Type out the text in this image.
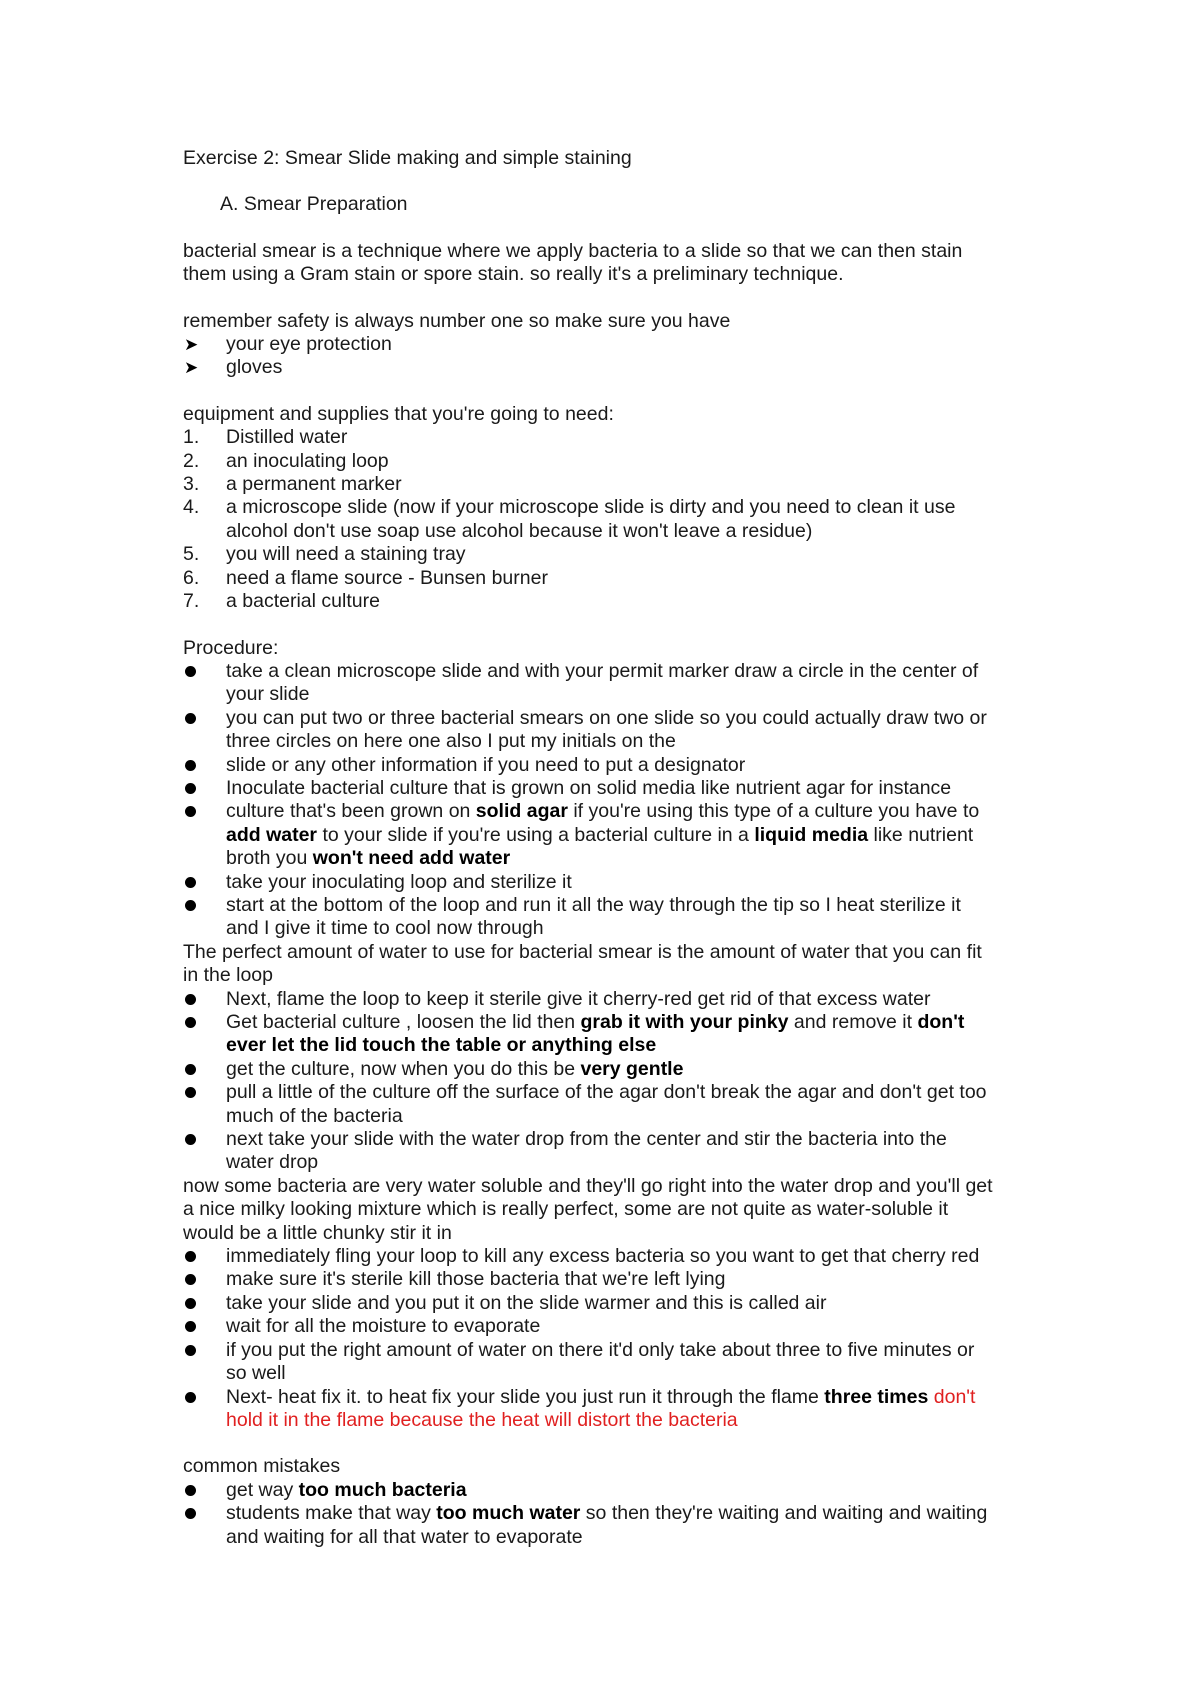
Exercise 2: Smear Slide making and simple staining

A. Smear Preparation

bacterial smear is a technique where we apply bacteria to a slide so that we can then stain

them using a Gram stain or spore stain. so really it's a preliminary technique.

remember safety is always number one so make sure you have

➤ your eye protection
➤ gloves

equipment and supplies that you're going to need:

1. Distilled water
2. an inoculating loop
3. a permanent marker
4. a microscope slide (now if your microscope slide is dirty and you need to clean it use
alcohol don't use soap use alcohol because it won't leave a residue)
5. you will need a staining tray
6. need a flame source - Bunsen burner
7. a bacterial culture

Procedure:

take a clean microscope slide and with your permit marker draw a circle in the center of
your slide
you can put two or three bacterial smears on one slide so you could actually draw two or
three circles on here one also I put my initials on the
slide or any other information if you need to put a designator
Inoculate bacterial culture that is grown on solid media like nutrient agar for instance
culture that's been grown on solid agar if you're using this type of a culture you have to
add water to your slide if you're using a bacterial culture in a liquid media like nutrient
broth you won't need add water
take your inoculating loop and sterilize it
start at the bottom of the loop and run it all the way through the tip so I heat sterilize it
and I give it time to cool now through

The perfect amount of water to use for bacterial smear is the amount of water that you can fit
in the loop

Next, flame the loop to keep it sterile give it cherry-red get rid of that excess water
Get bacterial culture , loosen the lid then grab it with your pinky and remove it don't
ever let the lid touch the table or anything else
get the culture, now when you do this be very gentle
pull a little of the culture off the surface of the agar don't break the agar and don't get too
much of the bacteria
next take your slide with the water drop from the center and stir the bacteria into the
water drop

now some bacteria are very water soluble and they'll go right into the water drop and you'll get
a nice milky looking mixture which is really perfect, some are not quite as water-soluble it
would be a little chunky stir it in

immediately fling your loop to kill any excess bacteria so you want to get that cherry red
make sure it's sterile kill those bacteria that we're left lying
take your slide and you put it on the slide warmer and this is called air
wait for all the moisture to evaporate
if you put the right amount of water on there it'd only take about three to five minutes or
so well
Next- heat fix it. to heat fix your slide you just run it through the flame three times don't
hold it in the flame because the heat will distort the bacteria

common mistakes

get way too much bacteria
students make that way too much water so then they're waiting and waiting and waiting
and waiting for all that water to evaporate
